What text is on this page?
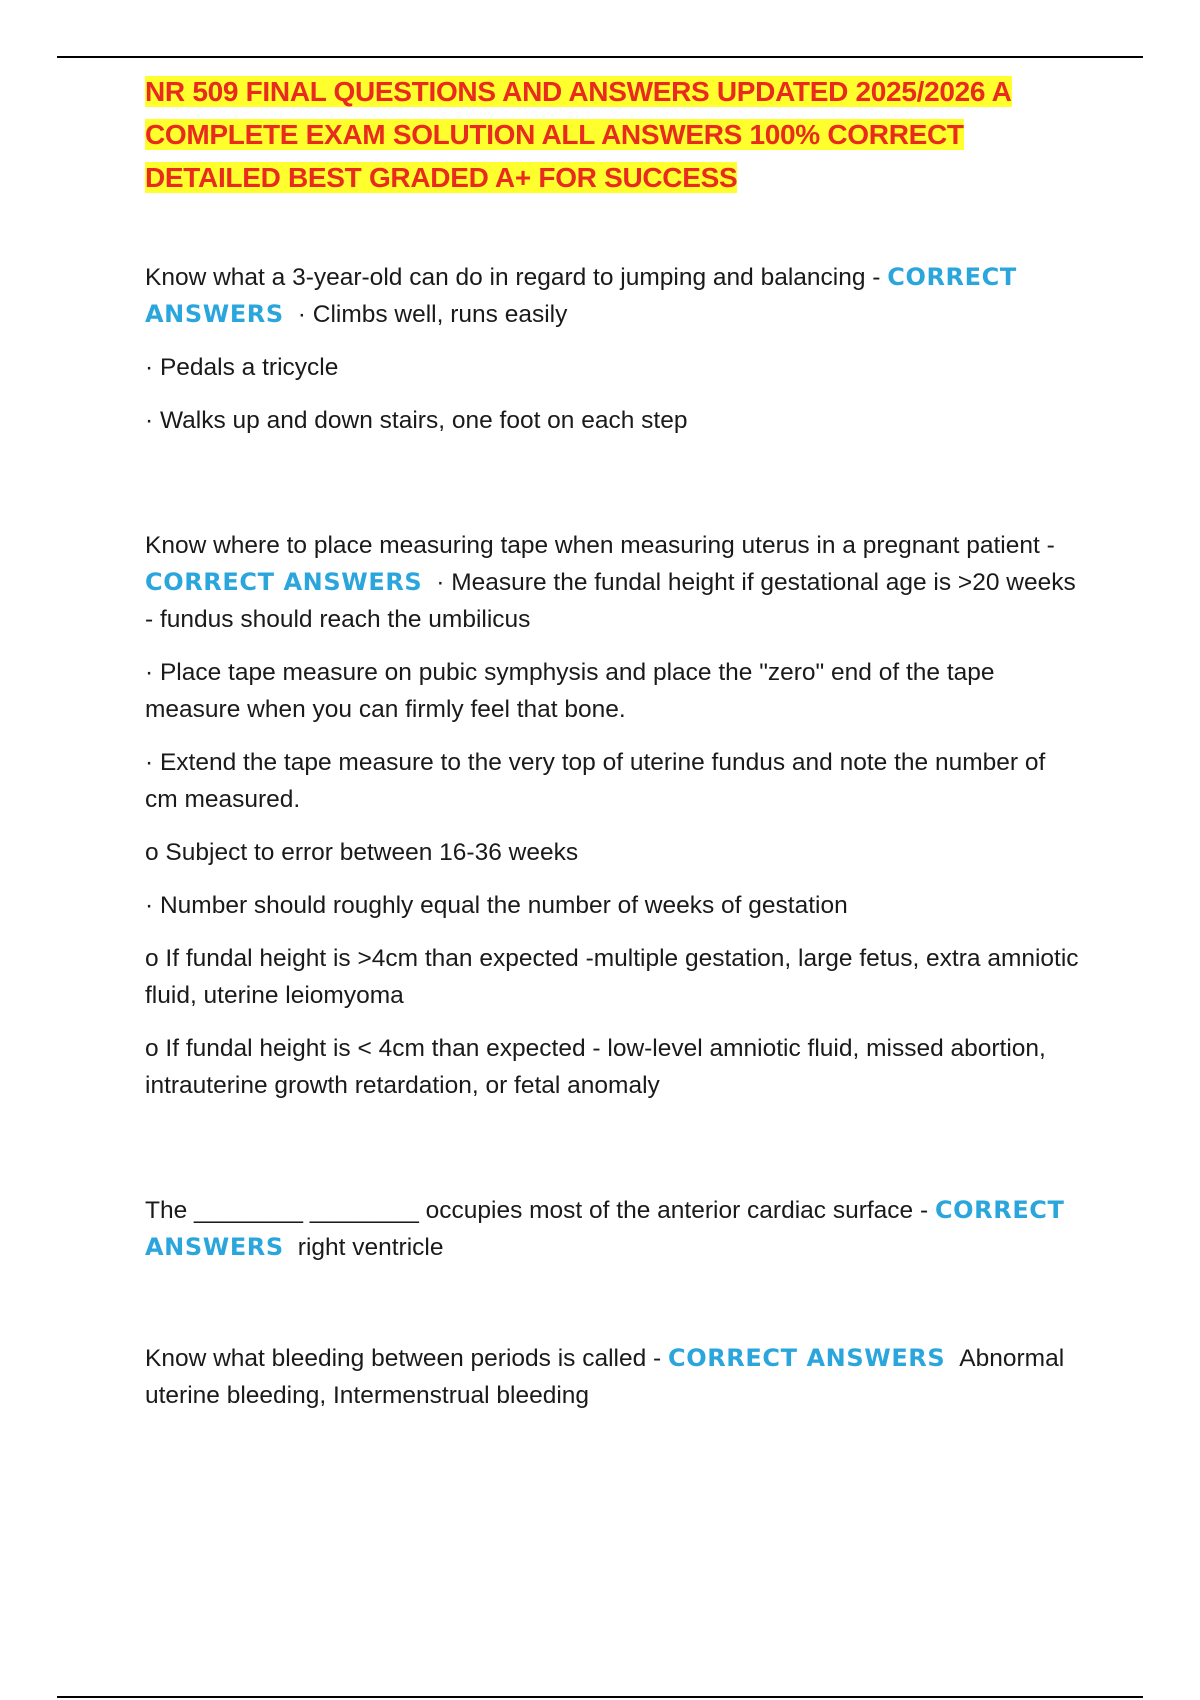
NR 509 FINAL QUESTIONS AND ANSWERS UPDATED 2025/2026 A COMPLETE EXAM SOLUTION ALL ANSWERS 100% CORRECT DETAILED BEST GRADED A+ FOR SUCCESS

Know what a 3-year-old can do in regard to jumping and balancing - CORRECT ANSWERS · Climbs well, runs easily

· Pedals a tricycle

· Walks up and down stairs, one foot on each step

Know where to place measuring tape when measuring uterus in a pregnant patient - CORRECT ANSWERS · Measure the fundal height if gestational age is >20 weeks - fundus should reach the umbilicus

· Place tape measure on pubic symphysis and place the "zero" end of the tape measure when you can firmly feel that bone.

· Extend the tape measure to the very top of uterine fundus and note the number of cm measured.

o Subject to error between 16-36 weeks

· Number should roughly equal the number of weeks of gestation

o If fundal height is >4cm than expected -multiple gestation, large fetus, extra amniotic fluid, uterine leiomyoma

o If fundal height is < 4cm than expected - low-level amniotic fluid, missed abortion, intrauterine growth retardation, or fetal anomaly

The ________ ________ occupies most of the anterior cardiac surface - CORRECT ANSWERS right ventricle

Know what bleeding between periods is called - CORRECT ANSWERS Abnormal uterine bleeding, Intermenstrual bleeding
